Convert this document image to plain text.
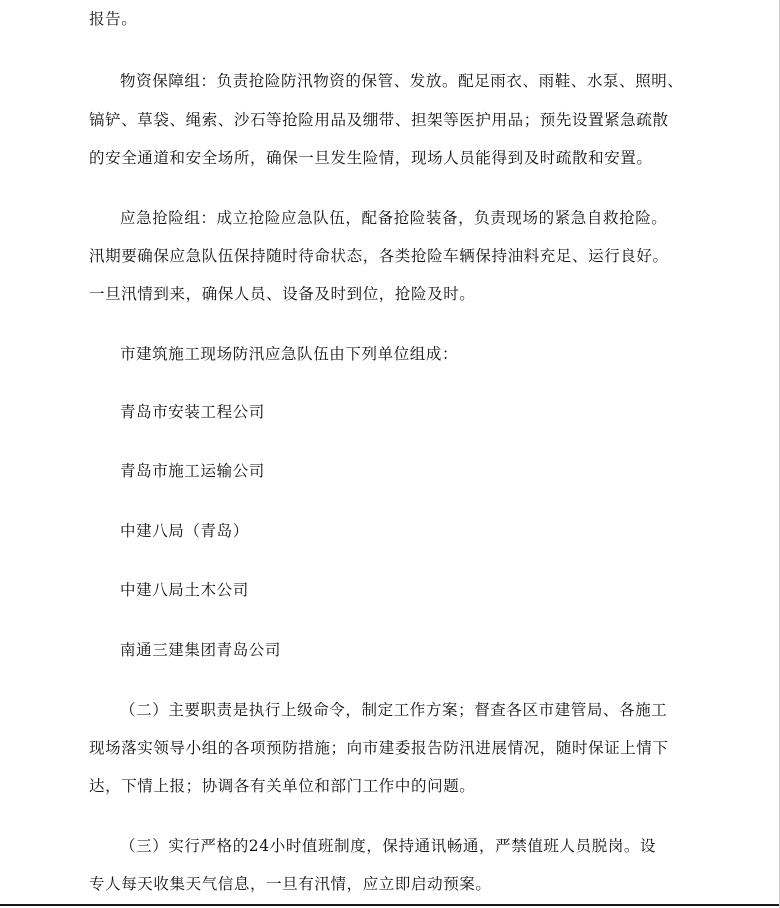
报告。
物资保障组：负责抢险防汛物资的保管、发放。配足雨衣、雨鞋、水泵、照明、
镐铲、草袋、绳索、沙石等抢险用品及绷带、担架等医护用品；预先设置紧急疏散
的安全通道和安全场所，确保一旦发生险情，现场人员能得到及时疏散和安置。
应急抢险组：成立抢险应急队伍，配备抢险装备，负责现场的紧急自救抢险。
汛期要确保应急队伍保持随时待命状态，各类抢险车辆保持油料充足、运行良好。
一旦汛情到来，确保人员、设备及时到位，抢险及时。
市建筑施工现场防汛应急队伍由下列单位组成：
青岛市安装工程公司
青岛市施工运输公司
中建八局（青岛）
中建八局土木公司
南通三建集团青岛公司
（二）主要职责是执行上级命令，制定工作方案；督查各区市建管局、各施工
现场落实领导小组的各项预防措施；向市建委报告防汛进展情况，随时保证上情下
达，下情上报；协调各有关单位和部门工作中的问题。
（三）实行严格的24小时值班制度，保持通讯畅通，严禁值班人员脱岗。设
专人每天收集天气信息，一旦有汛情，应立即启动预案。
